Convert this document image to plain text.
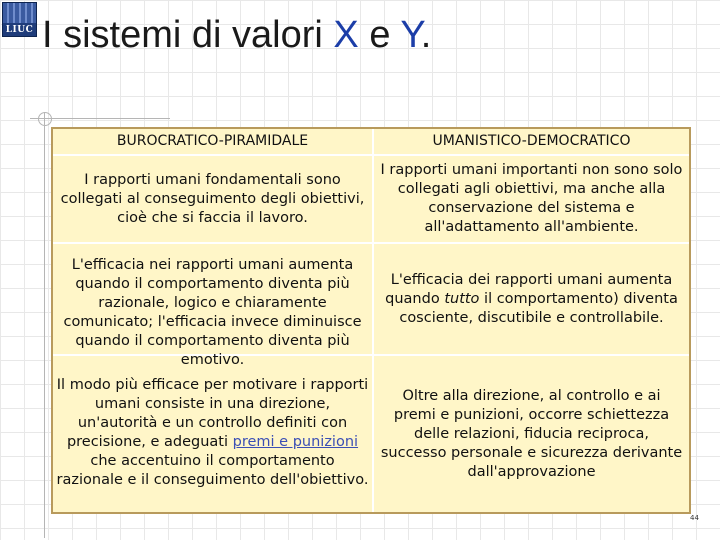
LIUC I sistemi di valori X e Y.
BUROCRATICO-PIRAMIDALE	UMANISTICO-DEMOCRATICO
I rapporti umani fondamentali sono collegati al conseguimento degli obiettivi, cioè che si faccia il lavoro.
I rapporti umani importanti non sono solo collegati agli obiettivi, ma anche alla conservazione del sistema e all'adattamento all'ambiente.
L'efficacia nei rapporti umani aumenta quando il comportamento diventa più razionale, logico e chiaramente comunicato; l'efficacia invece diminuisce quando il comportamento diventa più emotivo.
L'efficacia dei rapporti umani aumenta quando tutto il comportamento) diventa cosciente, discutibile e controllabile.
Il modo più efficace per motivare i rapporti umani consiste in una direzione, un'autorità e un controllo definiti con precisione, e adeguati premi e punizioni che accentuino il comportamento razionale e il conseguimento dell'obiettivo.
Oltre alla direzione, al controllo e ai premi e punizioni, occorre schiettezza delle relazioni, fiducia reciproca, successo personale e sicurezza derivante dall'approvazione
44
